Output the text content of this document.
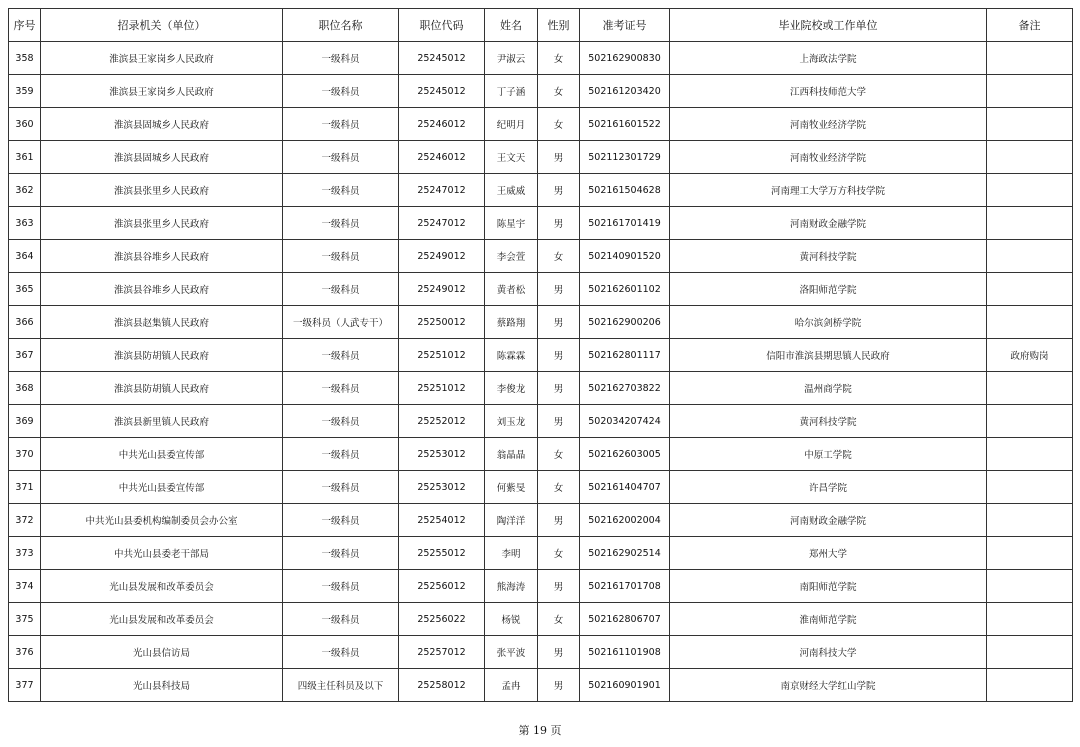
序号	招录机关（单位）	职位名称	职位代码	姓名	性别	准考证号	毕业院校或工作单位	备注
358	淮滨县王家岗乡人民政府	一级科员	25245012	尹淑云	女	502162900830	上海政法学院	
359	淮滨县王家岗乡人民政府	一级科员	25245012	丁子涵	女	502161203420	江西科技师范大学	
360	淮滨县固城乡人民政府	一级科员	25246012	纪明月	女	502161601522	河南牧业经济学院	
361	淮滨县固城乡人民政府	一级科员	25246012	王文天	男	502112301729	河南牧业经济学院	
362	淮滨县张里乡人民政府	一级科员	25247012	王威威	男	502161504628	河南理工大学万方科技学院	
363	淮滨县张里乡人民政府	一级科员	25247012	陈星宇	男	502161701419	河南财政金融学院	
364	淮滨县谷堆乡人民政府	一级科员	25249012	李会萱	女	502140901520	黄河科技学院	
365	淮滨县谷堆乡人民政府	一级科员	25249012	黄者松	男	502162601102	洛阳师范学院	
366	淮滨县赵集镇人民政府	一级科员（人武专干）	25250012	蔡路翔	男	502162900206	哈尔滨剑桥学院	
367	淮滨县防胡镇人民政府	一级科员	25251012	陈霖霖	男	502162801117	信阳市淮滨县期思镇人民政府	政府购岗
368	淮滨县防胡镇人民政府	一级科员	25251012	李俊龙	男	502162703822	温州商学院	
369	淮滨县新里镇人民政府	一级科员	25252012	刘玉龙	男	502034207424	黄河科技学院	
370	中共光山县委宣传部	一级科员	25253012	翁晶晶	女	502162603005	中原工学院	
371	中共光山县委宣传部	一级科员	25253012	何紫旻	女	502161404707	许昌学院	
372	中共光山县委机构编制委员会办公室	一级科员	25254012	陶洋洋	男	502162002004	河南财政金融学院	
373	中共光山县委老干部局	一级科员	25255012	李明	女	502162902514	郑州大学	
374	光山县发展和改革委员会	一级科员	25256012	熊海涛	男	502161701708	南阳师范学院	
375	光山县发展和改革委员会	一级科员	25256022	杨锐	女	502162806707	淮南师范学院	
376	光山县信访局	一级科员	25257012	张平波	男	502161101908	河南科技大学	
377	光山县科技局	四级主任科员及以下	25258012	孟冉	男	502160901901	南京财经大学红山学院	
第 19 页
